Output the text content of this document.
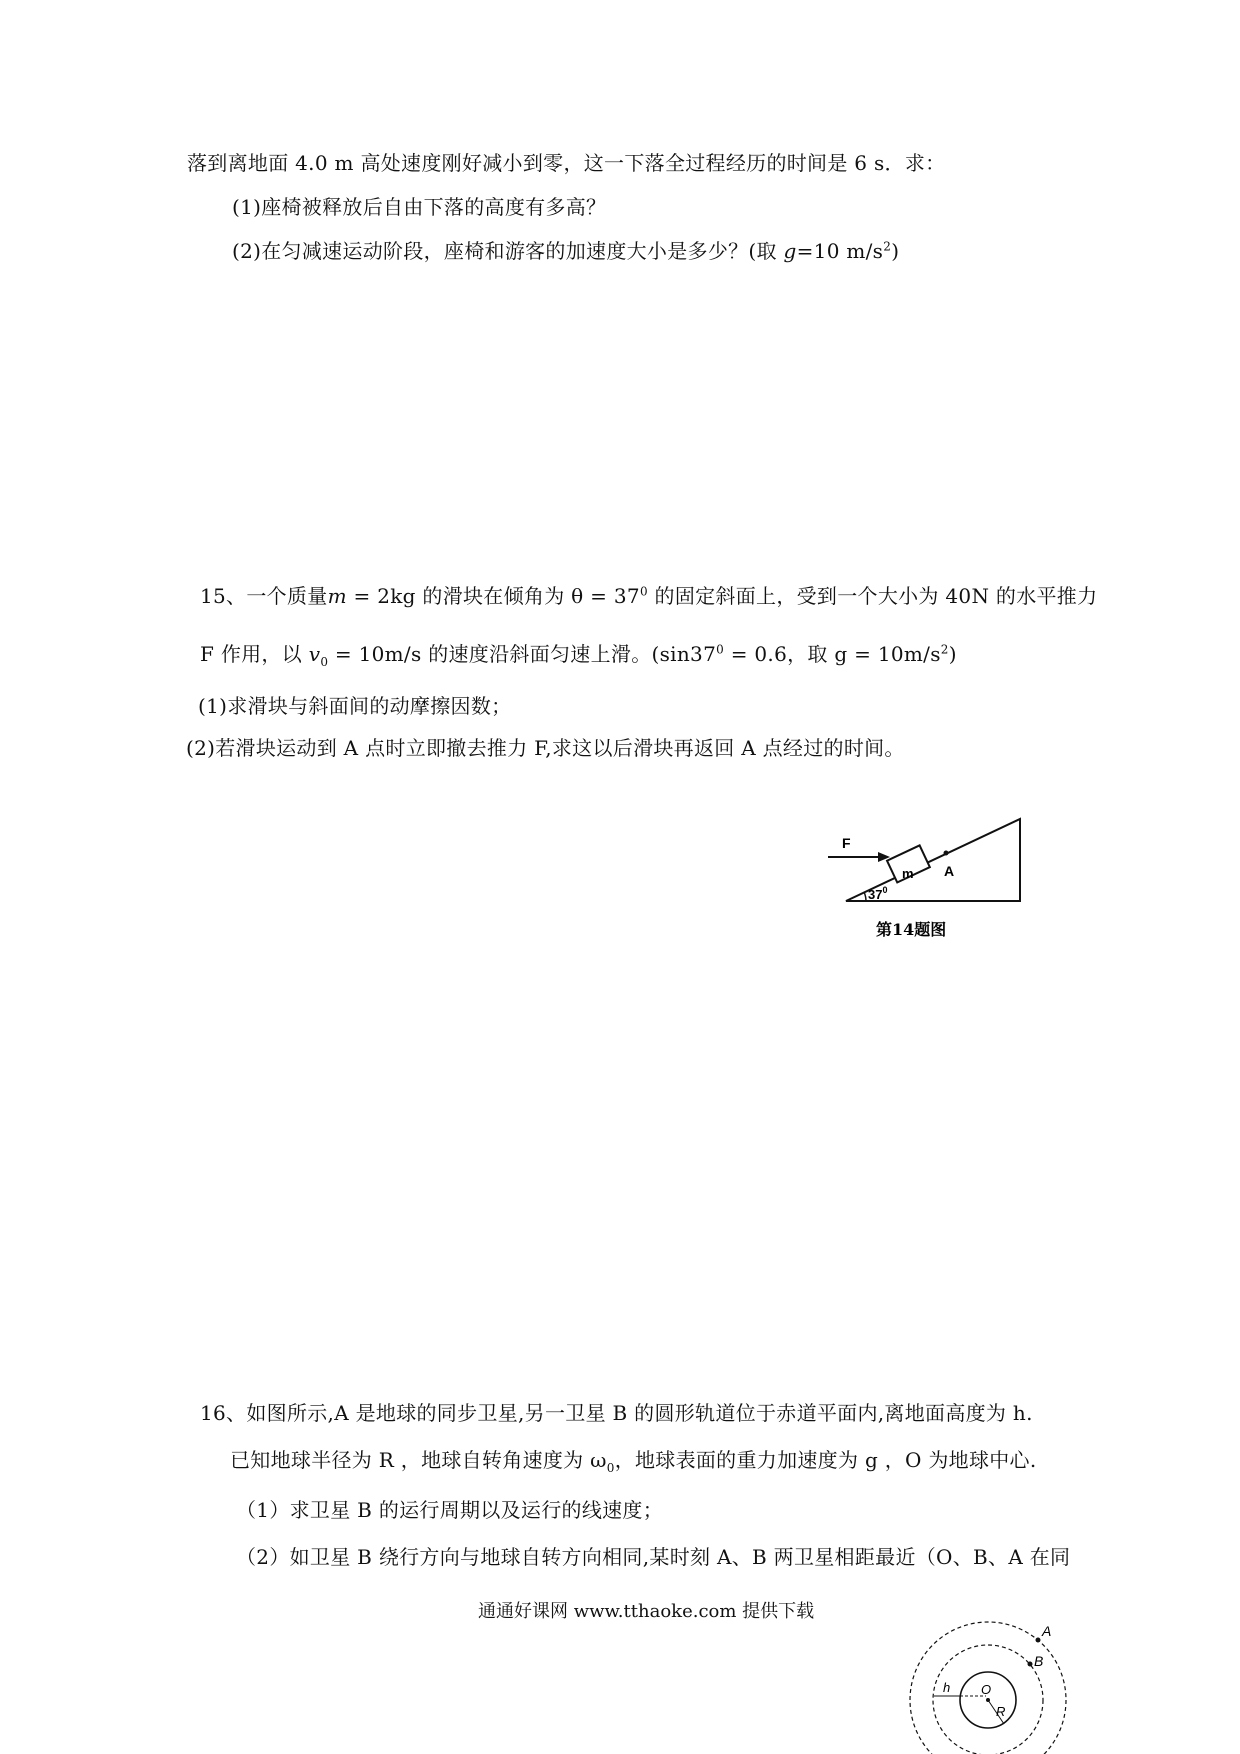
落到离地面 4.0 m 高处速度刚好减小到零，这一下落全过程经历的时间是 6 s．求：
(1)座椅被释放后自由下落的高度有多高？
(2)在匀减速运动阶段，座椅和游客的加速度大小是多少？(取 g=10 $m/s^2$)
15、一个质量m = 2kg 的滑块在倾角为 $\theta = 37^0$ 的固定斜面上，受到一个大小为 40N 的水平推力
F 作用，以 $v_0 = 10m/s$ 的速度沿斜面匀速上滑。($\sin 37^0 = 0.6$，取 $g = 10m/s^2$)
(1)求滑块与斜面间的动摩擦因数；
(2)若滑块运动到 A 点时立即撤去推力 F,求这以后滑块再返回 A 点经过的时间。
F
m A
$37^0$
第14题图
16、如图所示,A 是地球的同步卫星,另一卫星 B 的圆形轨道位于赤道平面内,离地面高度为 h.
已知地球半径为 R ，地球自转角速度为 $\omega_0$，地球表面的重力加速度为 g ，O 为地球中心.
（1）求卫星 B 的运行周期以及运行的线速度；
（2）如卫星 B 绕行方向与地球自转方向相同,某时刻 A、B 两卫星相距最近（O、B、A 在同
通通好课网 www.tthaoke.com 提供下载
A
B
h O
R
